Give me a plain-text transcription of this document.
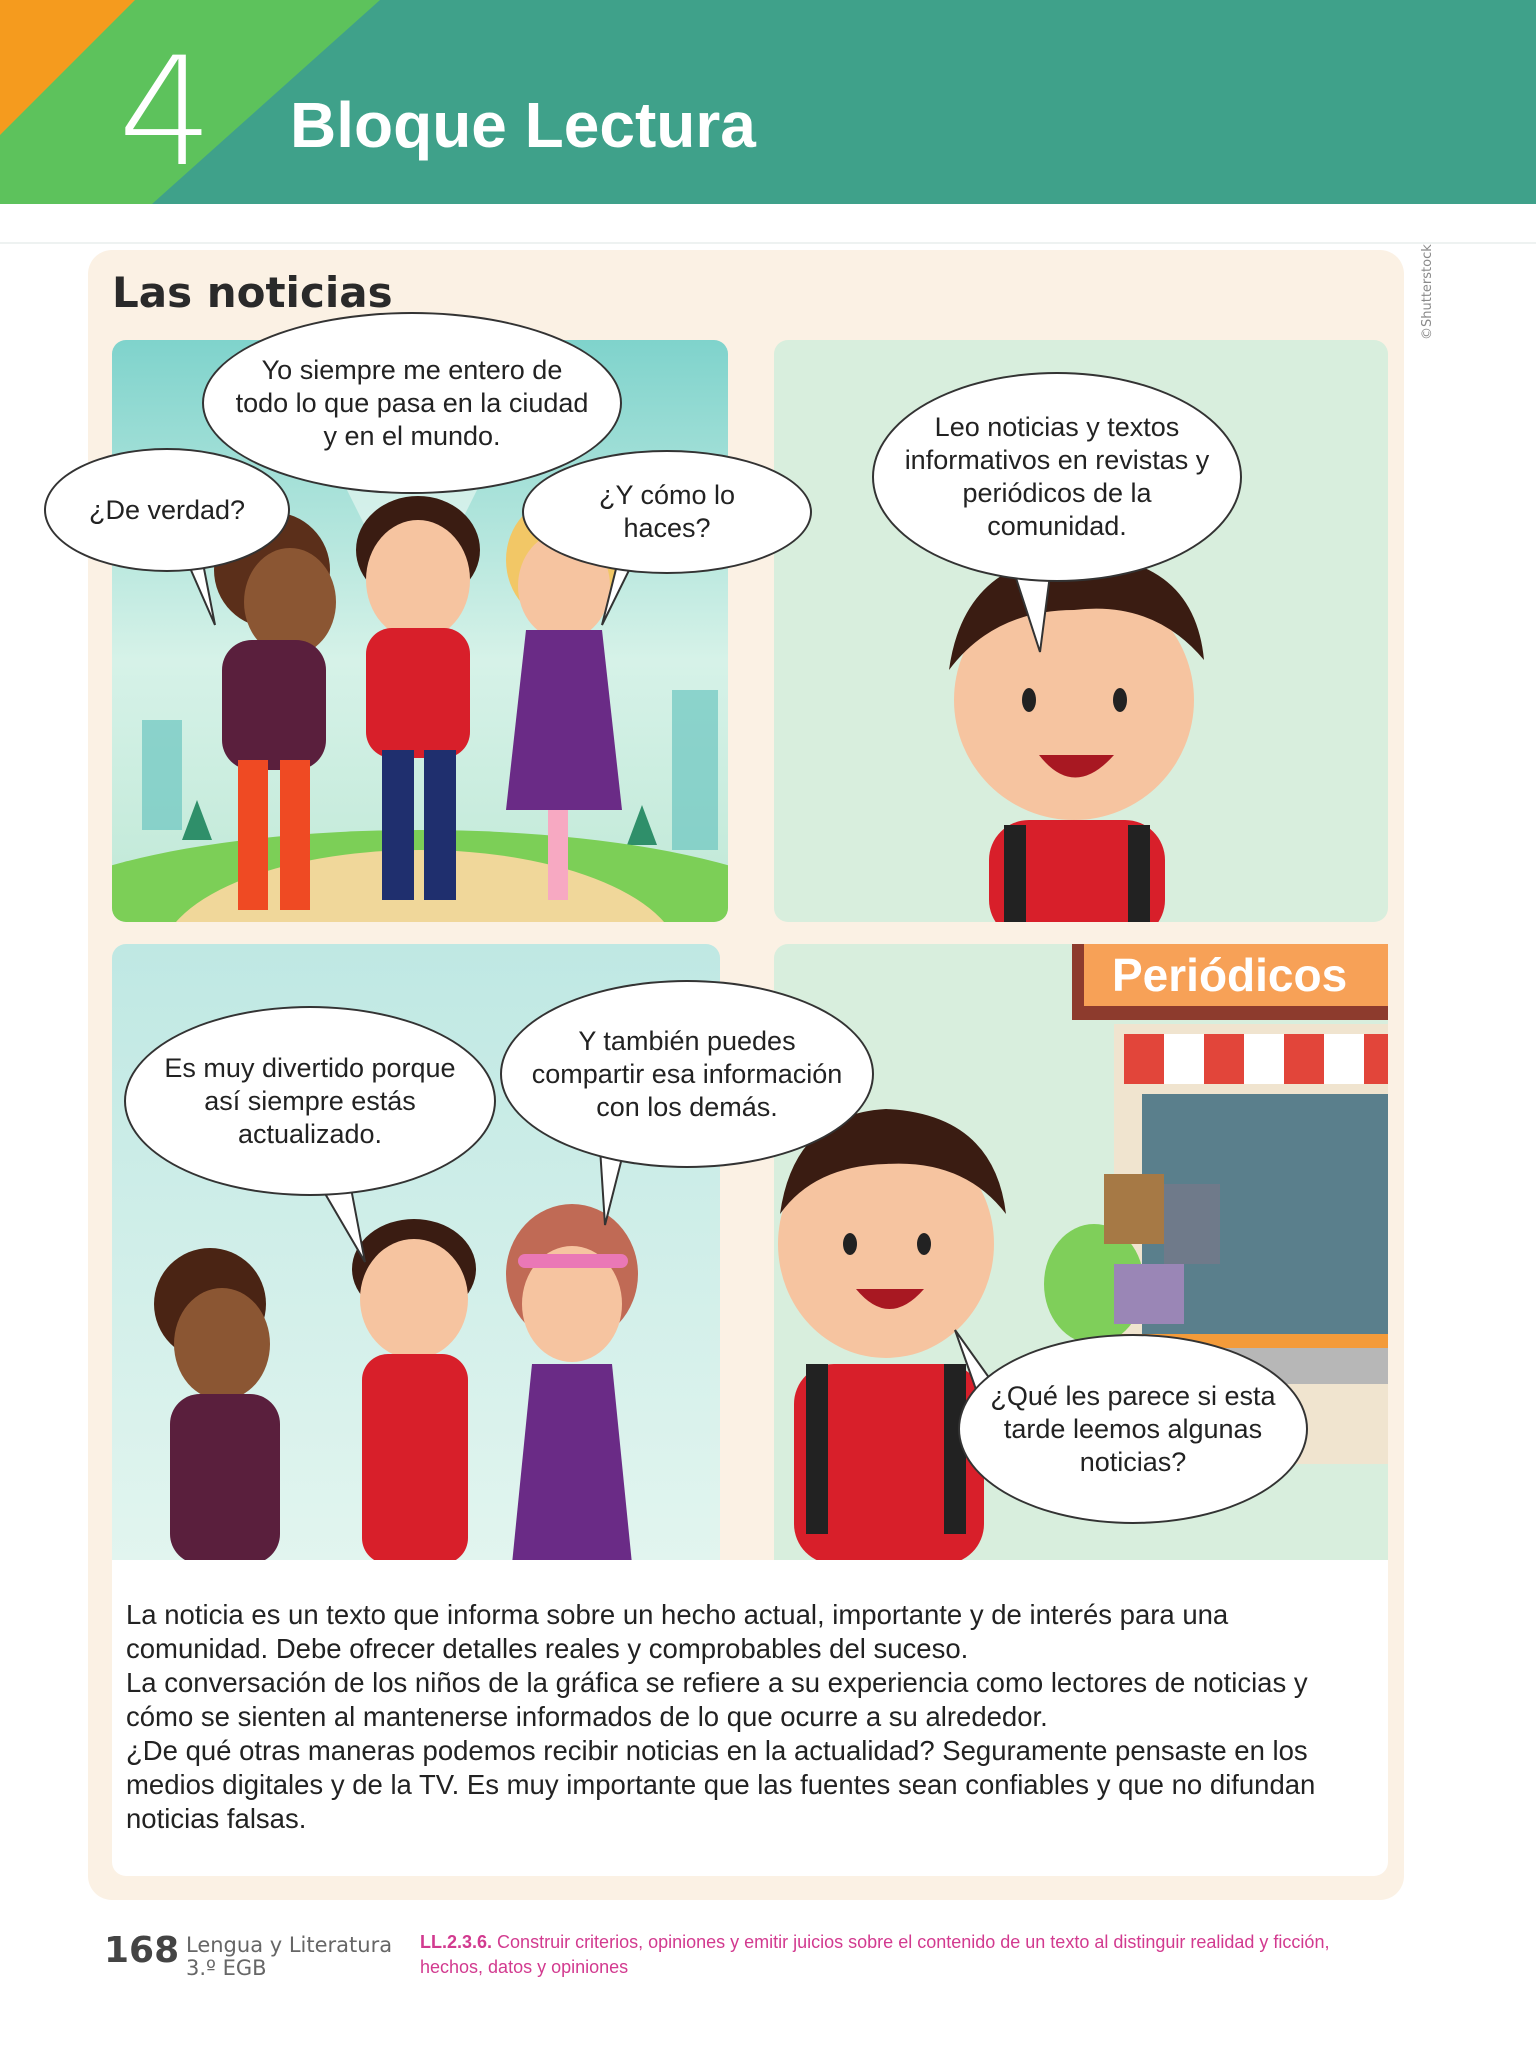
4 Bloque Lectura
Las noticias	©Shutterstock
Periódicos
Yo siempre me entero de todo lo que pasa en la ciudad y en el mundo.
¿De verdad?	¿Y cómo lo haces?
Leo noticias y textos informativos en revistas y periódicos de la comunidad.
Es muy divertido porque así siempre estás actualizado.
Y también puedes compartir esa información con los demás.
¿Qué les parece si esta tarde leemos algunas noticias?

La noticia es un texto que informa sobre un hecho actual, importante y de interés para una comunidad. Debe ofrecer detalles reales y comprobables del suceso.

La conversación de los niños de la gráfica se refiere a su experiencia como lectores de noticias y cómo se sienten al mantenerse informados de lo que ocurre a su alrededor.

¿De qué otras maneras podemos recibir noticias en la actualidad? Seguramente pensaste en los medios digitales y de la TV. Es muy importante que las fuentes sean confiables y que no difundan noticias falsas.

168 Lengua y Literatura
3.º EGB
LL.2.3.6. Construir criterios, opiniones y emitir juicios sobre el contenido de un texto al distinguir realidad y ficción, hechos, datos y opiniones
